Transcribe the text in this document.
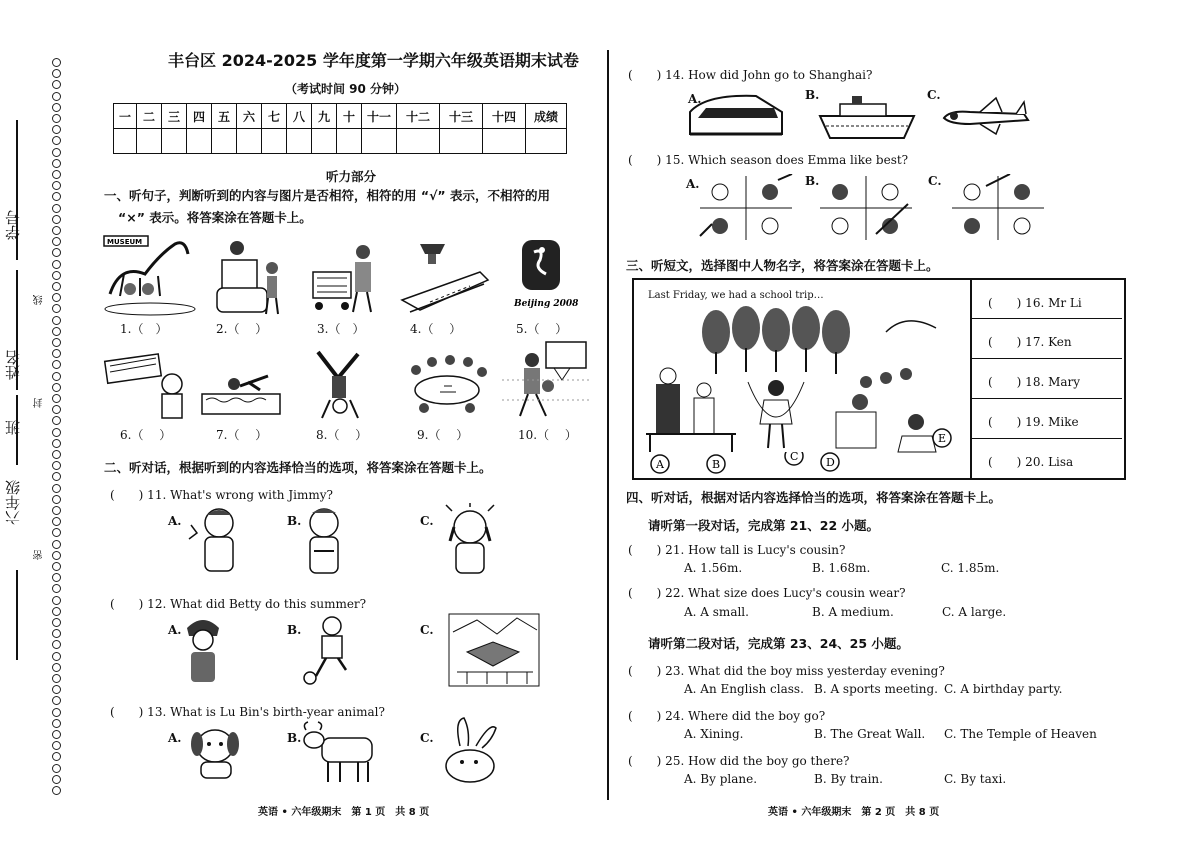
学号
姓名
班
六年级
线
封
密
丰台区 2024-2025 学年度第一学期六年级英语期末试卷
（考试时间 90 分钟）
一	二	三	四	五	六	七	八	九	十	十一	十二	十三	十四	成绩

听力部分
一、听句子，判断听到的内容与图片是否相符，相符的用 “√” 表示，不相符的用
“×” 表示。将答案涂在答题卡上。
MUSEUM
Beijing 2008
1.（　）	2.（　 ）	3.（　）	4.（　 ）	5.（　 ）
6.（　 ）	7.（　 ）	8.（　 ）	9.（　 ）	10.（　 ）
二、听对话，根据听到的内容选择恰当的选项，将答案涂在答题卡上。
(　　) 11. What's wrong with Jimmy?
A.	B.	C.
(　　) 12. What did Betty do this summer?
A.	B.	C.
(　　) 13. What is Lu Bin's birth-year animal?
A.	B.	C.
英语 • 六年级期末　第 1 页　共 8 页
(　　) 14. How did John go to Shanghai?
A.	B.	C.
(　　) 15. Which season does Emma like best?
A.	B.	C.
三、听短文，选择图中人物名字，将答案涂在答题卡上。
Last Friday, we had a school trip…
A	B
C	D
E
(　　) 16. Mr Li
(　　) 17. Ken
(　　) 18. Mary
(　　) 19. Mike
(　　) 20. Lisa
四、听对话，根据对话内容选择恰当的选项，将答案涂在答题卡上。
请听第一段对话，完成第 21、22 小题。
(　　) 21. How tall is Lucy's cousin?
A. 1.56m.	B. 1.68m.	C. 1.85m.
(　　) 22. What size does Lucy's cousin wear?
A. A small.	B. A medium.	C. A large.
请听第二段对话，完成第 23、24、25 小题。
(　　) 23. What did the boy miss yesterday evening?
A. An English class. B. A sports meeting. C. A birthday party.
(　　) 24. Where did the boy go?
A. Xining.	B. The Great Wall. C. The Temple of Heaven
(　　) 25. How did the boy go there?
A. By plane.	B. By train.	C. By taxi.
英语 • 六年级期末　第 2 页　共 8 页
